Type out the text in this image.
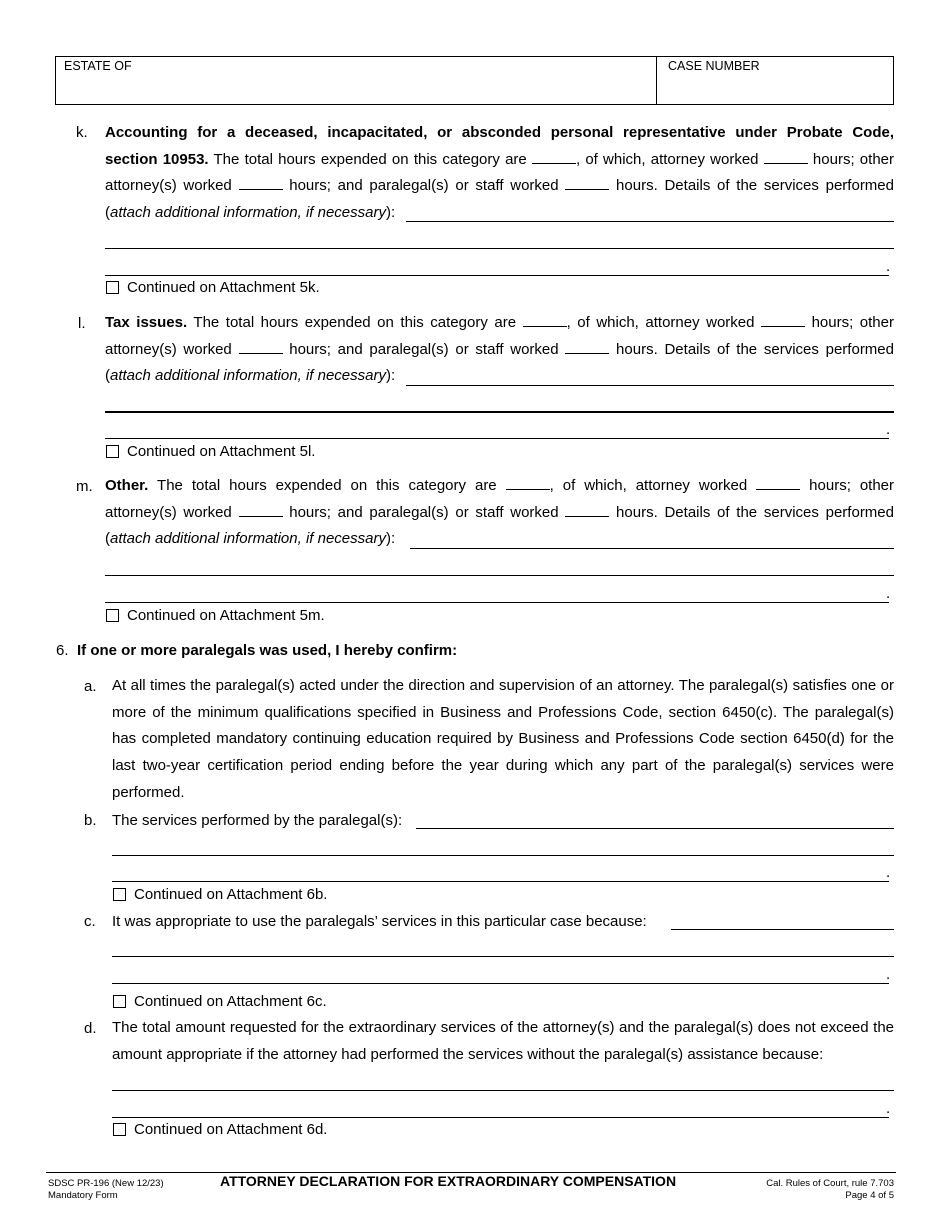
ESTATE OF	CASE NUMBER
k. Accounting for a deceased, incapacitated, or absconded personal representative under Probate Code,

section 10953. The total hours expended on this category are	, of which, attorney worked	hours; other
attorney(s) worked	hours; and paralegal(s) or staff worked	hours. Details of the services performed
(attach additional information, if necessary):
.
Continued on Attachment 5k.
l. Tax issues. The total hours expended on this category are	, of which, attorney worked	hours; other
attorney(s) worked	hours; and paralegal(s) or staff worked	hours. Details of the services performed
(attach additional information, if necessary):
.
Continued on Attachment 5l.
m. Other. The total hours expended on this category are	, of which, attorney worked	hours; other
attorney(s) worked	hours; and paralegal(s) or staff worked	hours. Details of the services performed
(attach additional information, if necessary):
.
Continued on Attachment 5m.
6. If one or more paralegals was used, I hereby confirm:
a. At all times the paralegal(s) acted under the direction and supervision of an attorney. The paralegal(s) satisfies one or more of the minimum qualifications specified in Business and Professions Code, section 6450(c). The paralegal(s) has completed mandatory continuing education required by Business and Professions Code section 6450(d) for the last two-year certification period ending before the year during which any part of the paralegal(s) services were performed.
b. The services performed by the paralegal(s):
.
Continued on Attachment 6b.
c. It was appropriate to use the paralegals’ services in this particular case because:
.
Continued on Attachment 6c.
d. The total amount requested for the extraordinary services of the attorney(s) and the paralegal(s) does not exceed the amount appropriate if the attorney had performed the services without the paralegal(s) assistance because:
.
Continued on Attachment 6d.
SDSC PR-196 (New 12/23)
Mandatory Form
ATTORNEY DECLARATION FOR EXTRAORDINARY COMPENSATION	Cal. Rules of Court, rule 7.703
Page 4 of 5
